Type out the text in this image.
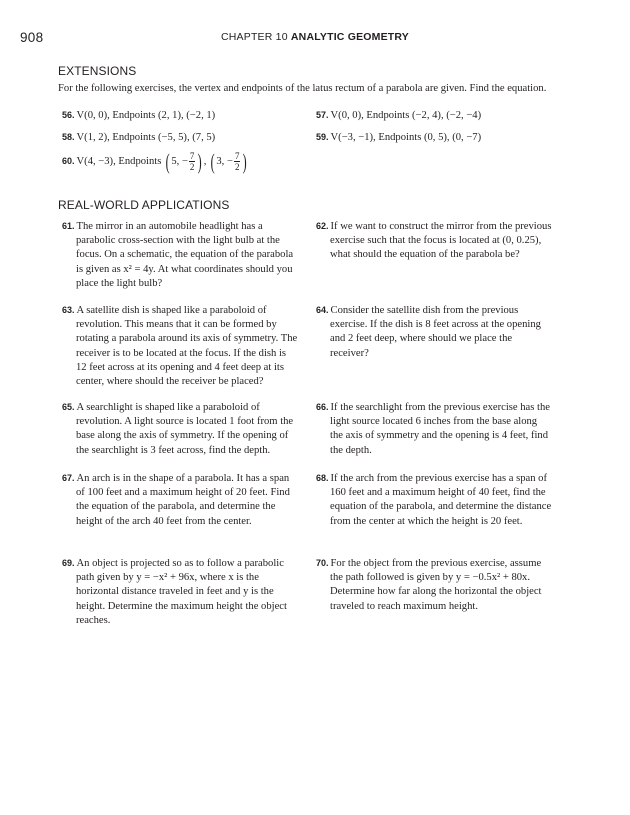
908	CHAPTER 10 ANALYTIC GEOMETRY
EXTENSIONS
For the following exercises, the vertex and endpoints of the latus rectum of a parabola are given. Find the equation.
56. V(0, 0), Endpoints (2, 1), (−2, 1)	57. V(0, 0), Endpoints (−2, 4), (−2, −4)
58. V(1, 2), Endpoints (−5, 5), (7, 5)	59. V(−3, −1), Endpoints (0, 5), (0, −7)
60. V(4, −3), Endpoints ( 5, − $\frac{7}{2}$ ) , ( 3, − $\frac{7}{2}$ )
REAL-WORLD APPLICATIONS
61. The mirror in an automobile headlight has a parabolic cross-section with the light bulb at the focus. On a schematic, the equation of the parabola is given as x² = 4y. At what coordinates should you place the light bulb?
62. If we want to construct the mirror from the previous exercise such that the focus is located at (0, 0.25), what should the equation of the parabola be?
63. A satellite dish is shaped like a paraboloid of revolution. This means that it can be formed by rotating a parabola around its axis of symmetry. The receiver is to be located at the focus. If the dish is 12 feet across at its opening and 4 feet deep at its center, where should the receiver be placed?
64. Consider the satellite dish from the previous exercise. If the dish is 8 feet across at the opening and 2 feet deep, where should we place the receiver?
65. A searchlight is shaped like a paraboloid of revolution. A light source is located 1 foot from the base along the axis of symmetry. If the opening of the searchlight is 3 feet across, find the depth.
66. If the searchlight from the previous exercise has the light source located 6 inches from the base along the axis of symmetry and the opening is 4 feet, find the depth.
67. An arch is in the shape of a parabola. It has a span of 100 feet and a maximum height of 20 feet. Find the equation of the parabola, and determine the height of the arch 40 feet from the center.
68. If the arch from the previous exercise has a span of 160 feet and a maximum height of 40 feet, find the equation of the parabola, and determine the distance from the center at which the height is 20 feet.
69. An object is projected so as to follow a parabolic path given by y = −x² + 96x, where x is the horizontal distance traveled in feet and y is the height. Determine the maximum height the object reaches.
70. For the object from the previous exercise, assume the path followed is given by y = −0.5x² + 80x. Determine how far along the horizontal the object traveled to reach maximum height.
